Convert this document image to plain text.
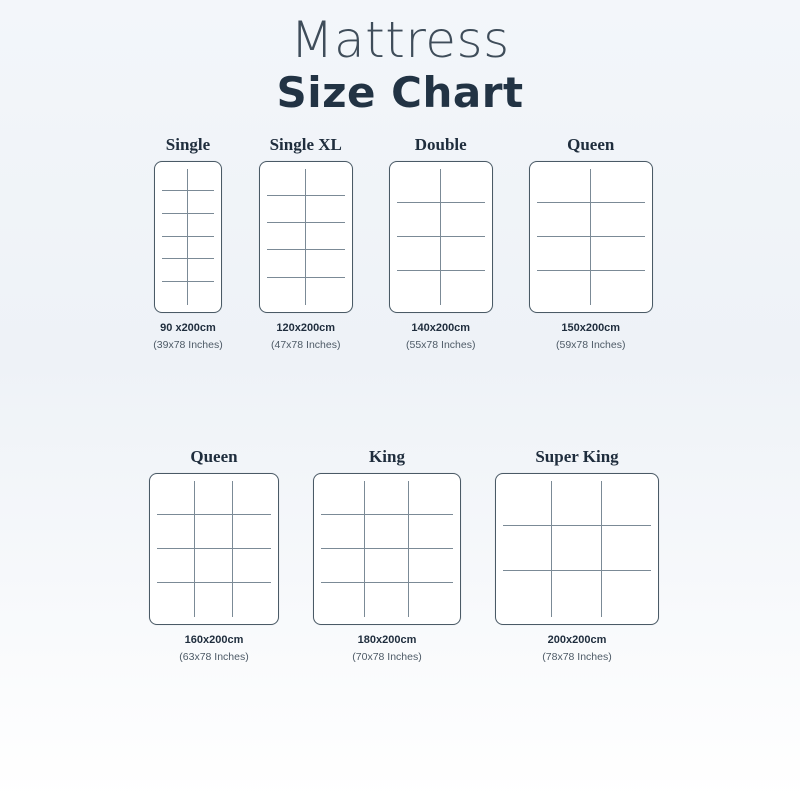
Mattress
Size Chart
Single
90 x200cm
(39x78 Inches)
Single XL
120x200cm
(47x78 Inches)
Double
140x200cm
(55x78 Inches)
Queen
150x200cm
(59x78 Inches)
Queen
160x200cm
(63x78 Inches)
King
180x200cm
(70x78 Inches)
Super King
200x200cm
(78x78 Inches)
